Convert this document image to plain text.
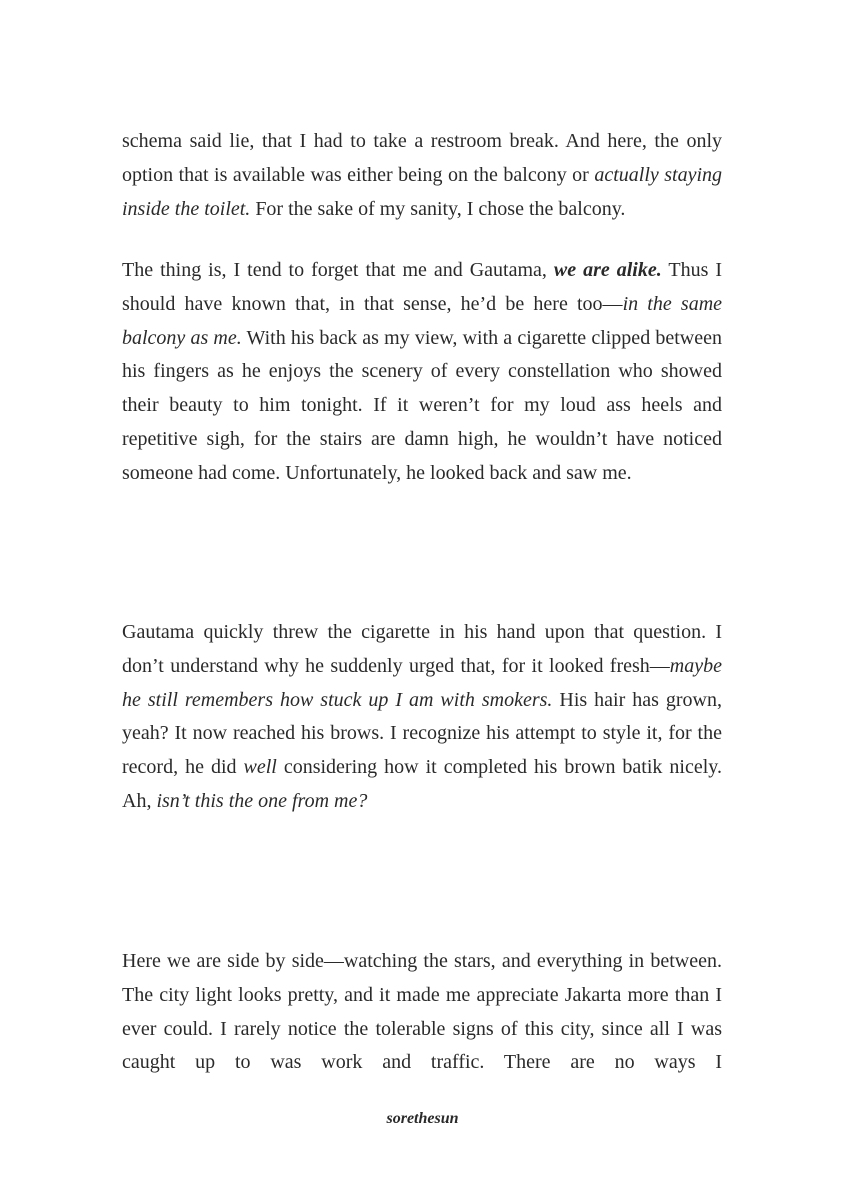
schema said lie, that I had to take a restroom break. And here, the only option that is available was either being on the balcony or actually staying inside the toilet. For the sake of my sanity, I chose the balcony.

The thing is, I tend to forget that me and Gautama, we are alike. Thus I should have known that, in that sense, he’d be here too—in the same balcony as me. With his back as my view, with a cigarette clipped between his fingers as he enjoys the scenery of every constellation who showed their beauty to him tonight. If it weren’t for my loud ass heels and repetitive sigh, for the stairs are damn high, he wouldn’t have noticed someone had come. Unfortunately, he looked back and saw me.

Gautama quickly threw the cigarette in his hand upon that question. I don’t understand why he suddenly urged that, for it looked fresh—maybe he still remembers how stuck up I am with smokers. His hair has grown, yeah? It now reached his brows. I recognize his attempt to style it, for the record, he did well considering how it completed his brown batik nicely. Ah, isn’t this the one from me?

Here we are side by side—watching the stars, and everything in between. The city light looks pretty, and it made me appreciate Jakarta more than I ever could. I rarely notice the tolerable signs of this city, since all I was caught up to was work and traffic. There are no ways I

sorethesun
